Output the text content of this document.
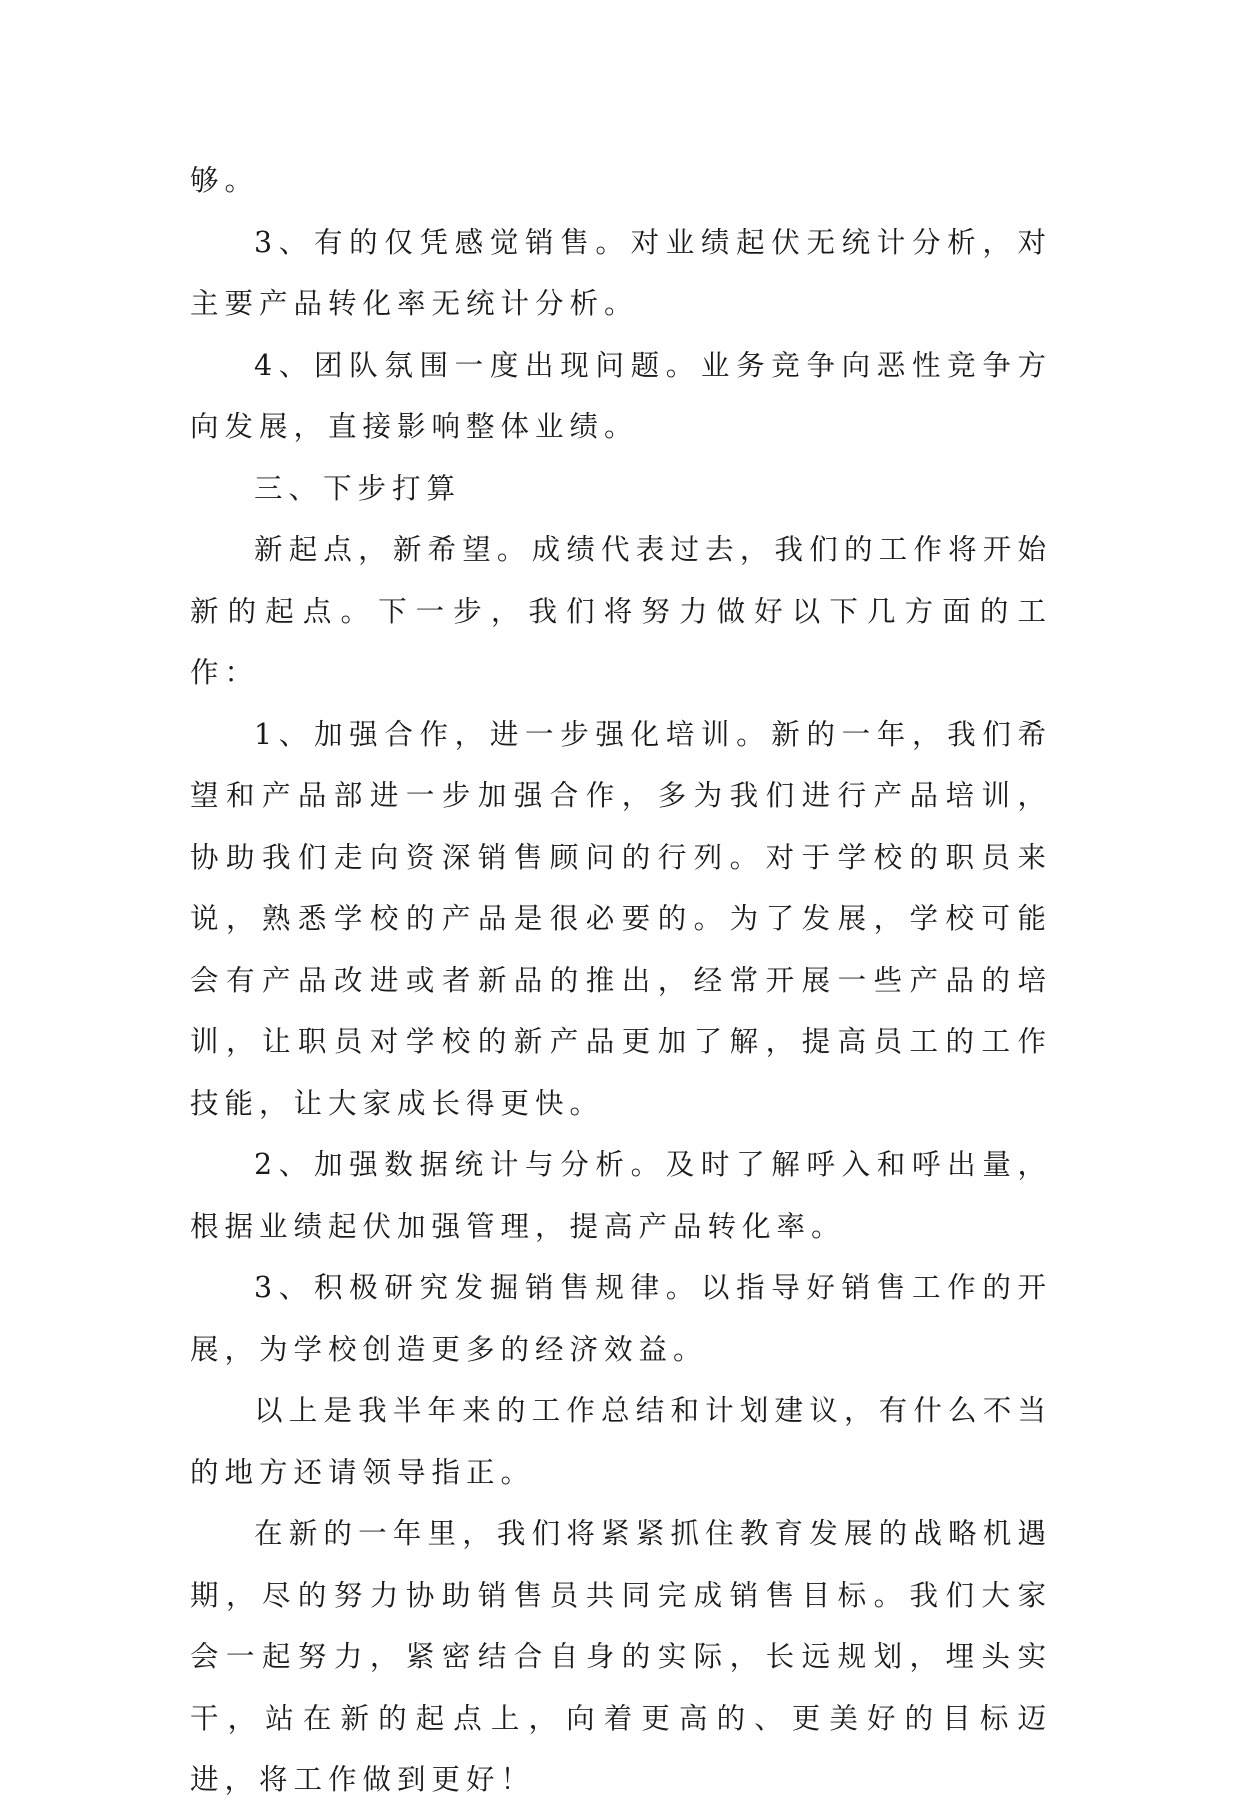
够。

3、有的仅凭感觉销售。对业绩起伏无统计分析，对主要产品转化率无统计分析。

4、团队氛围一度出现问题。业务竞争向恶性竞争方向发展，直接影响整体业绩。

三、下步打算

新起点，新希望。成绩代表过去，我们的工作将开始新的起点。下一步，我们将努力做好以下几方面的工作：

1、加强合作，进一步强化培训。新的一年，我们希望和产品部进一步加强合作，多为我们进行产品培训，协助我们走向资深销售顾问的行列。对于学校的职员来说，熟悉学校的产品是很必要的。为了发展，学校可能会有产品改进或者新品的推出，经常开展一些产品的培训，让职员对学校的新产品更加了解，提高员工的工作技能，让大家成长得更快。

2、加强数据统计与分析。及时了解呼入和呼出量，根据业绩起伏加强管理，提高产品转化率。

3、积极研究发掘销售规律。以指导好销售工作的开展，为学校创造更多的经济效益。

以上是我半年来的工作总结和计划建议，有什么不当的地方还请领导指正。

在新的一年里，我们将紧紧抓住教育发展的战略机遇期，尽的努力协助销售员共同完成销售目标。我们大家会一起努力，紧密结合自身的实际，长远规划，埋头实干，站在新的起点上，向着更高的、更美好的目标迈进，将工作做到更好！
